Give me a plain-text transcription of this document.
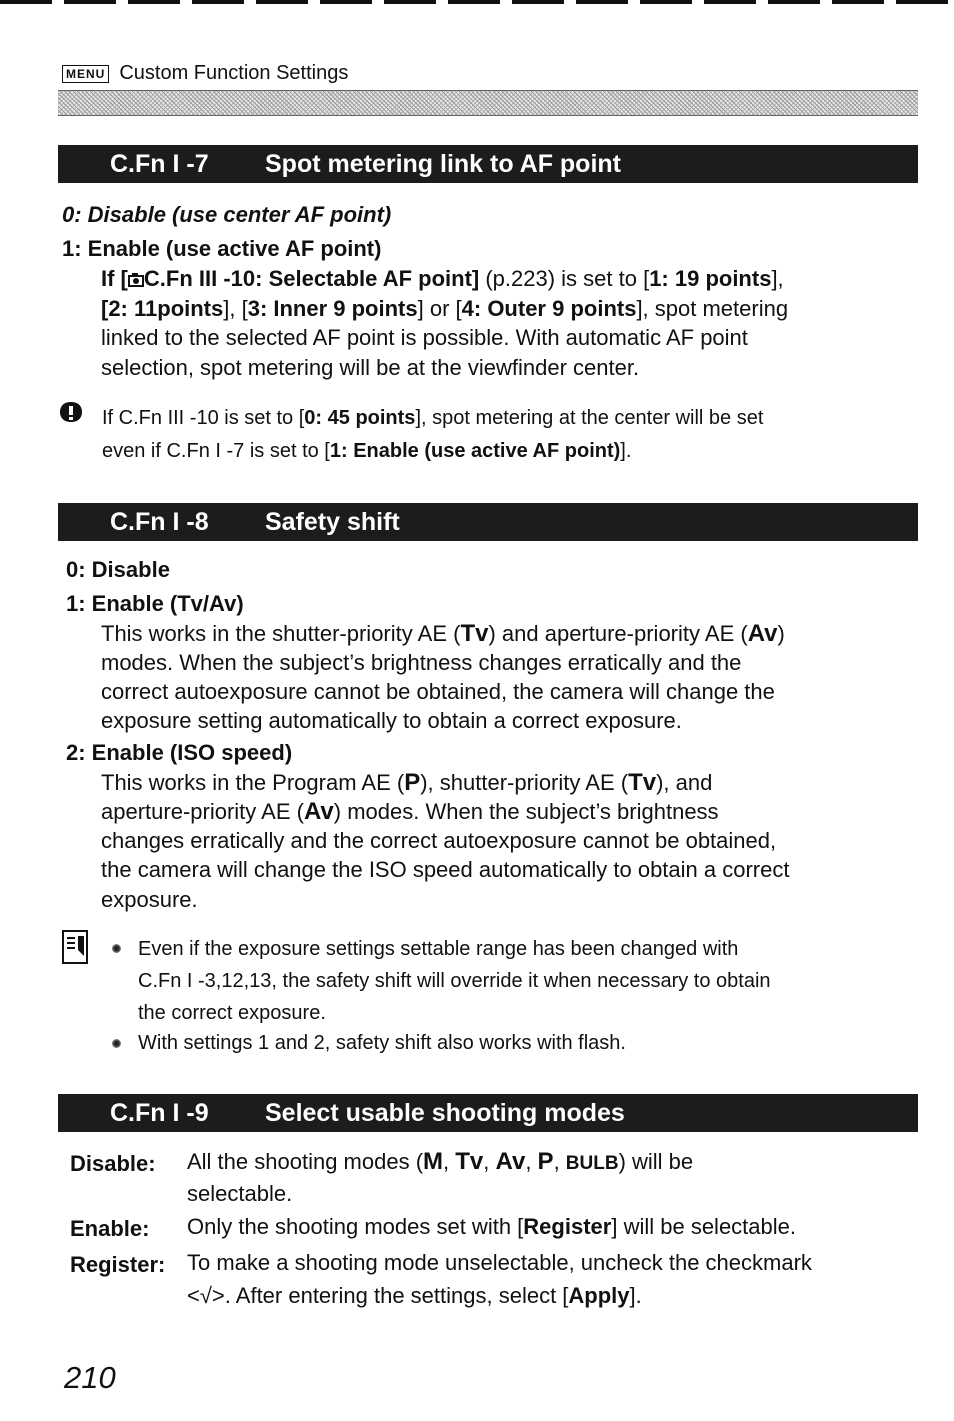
MENU Custom Function Settings
C.Fn I -7	Spot metering link to AF point
0: Disable (use center AF point)
1: Enable (use active AF point)
If [ C.Fn III -10: Selectable AF point] (p.223) is set to [1: 19 points],
[2: 11points], [3: Inner 9 points] or [4: Outer 9 points], spot metering
linked to the selected AF point is possible. With automatic AF point
selection, spot metering will be at the viewfinder center.
If C.Fn III -10 is set to [0: 45 points], spot metering at the center will be set
even if C.Fn I -7 is set to [1: Enable (use active AF point)].
C.Fn I -8	Safety shift
0: Disable
1: Enable (Tv/Av)
This works in the shutter-priority AE (Tv) and aperture-priority AE (Av)
modes. When the subject’s brightness changes erratically and the
correct autoexposure cannot be obtained, the camera will change the
exposure setting automatically to obtain a correct exposure.
2: Enable (ISO speed)
This works in the Program AE (P), shutter-priority AE (Tv), and
aperture-priority AE (Av) modes. When the subject’s brightness
changes erratically and the correct autoexposure cannot be obtained,
the camera will change the ISO speed automatically to obtain a correct
exposure.
Even if the exposure settings settable range has been changed with
C.Fn I -3,12,13, the safety shift will override it when necessary to obtain
the correct exposure.
With settings 1 and 2, safety shift also works with flash.
C.Fn I -9	Select usable shooting modes
Disable: All the shooting modes (M, Tv, Av, P, BULB) will be
selectable.
Enable: Only the shooting modes set with [Register] will be selectable.
Register: To make a shooting mode unselectable, uncheck the checkmark
<√>. After entering the settings, select [Apply].
210
